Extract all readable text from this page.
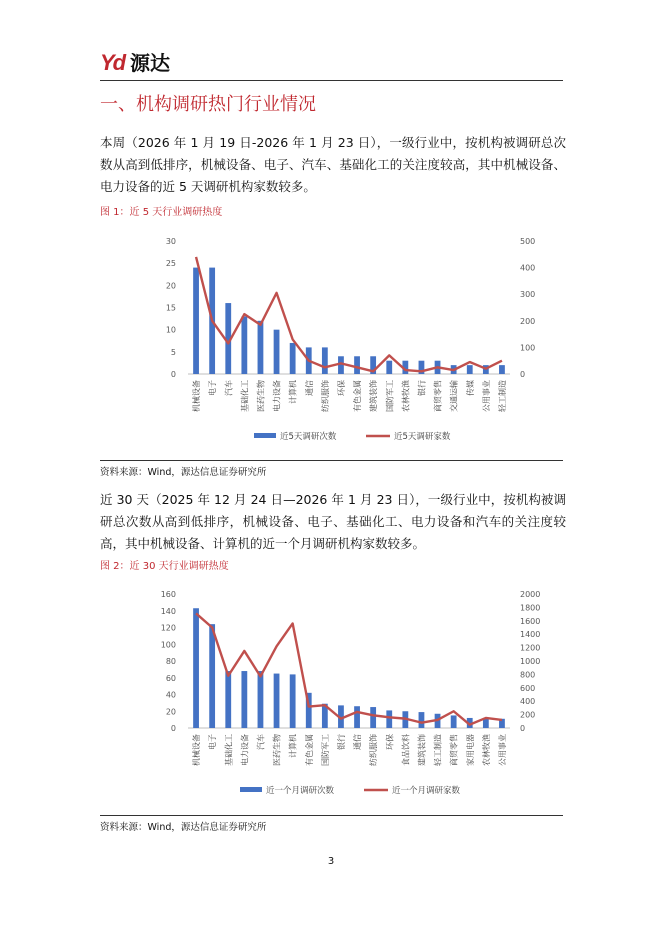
Yd 源达
一、机构调研热门行业情况
本周（2026 年 1 月 19 日-2026 年 1 月 23 日），一级行业中，按机构被调研总次数从高到低排序，机械设备、电子、汽车、基础化工的关注度较高，其中机械设备、电力设备的近 5 天调研机构家数较多。
图 1：近 5 天行业调研热度
0
5
10
15
20
25
30
0
100
200
300
400
500
机械设备 电子 汽车 基础化工 医药生物 电力设备 计算机 通信 纺织服饰 环保 有色金属 建筑装饰 国防军工 农林牧渔 银行 商贸零售 交通运输 传媒 公用事业 轻工制造
近5天调研次数	近5天调研家数
资料来源：Wind，源达信息证券研究所
近 30 天（2025 年 12 月 24 日—2026 年 1 月 23 日），一级行业中，按机构被调研总次数从高到低排序，机械设备、电子、基础化工、电力设备和汽车的关注度较高，其中机械设备、计算机的近一个月调研机构家数较多。
图 2：近 30 天行业调研热度
0
20
40
60
80
100
120
140
160
0
200
400
600
800
1000
1200
1400
1600
1800
2000
机械设备 电子 基础化工 电力设备 汽车 医药生物 计算机 有色金属 国防军工 银行 通信 纺织服饰 环保 食品饮料 建筑装饰 轻工制造 商贸零售 家用电器 农林牧渔 公用事业
近一个月调研次数	近一个月调研家数
资料来源：Wind，源达信息证券研究所
3
